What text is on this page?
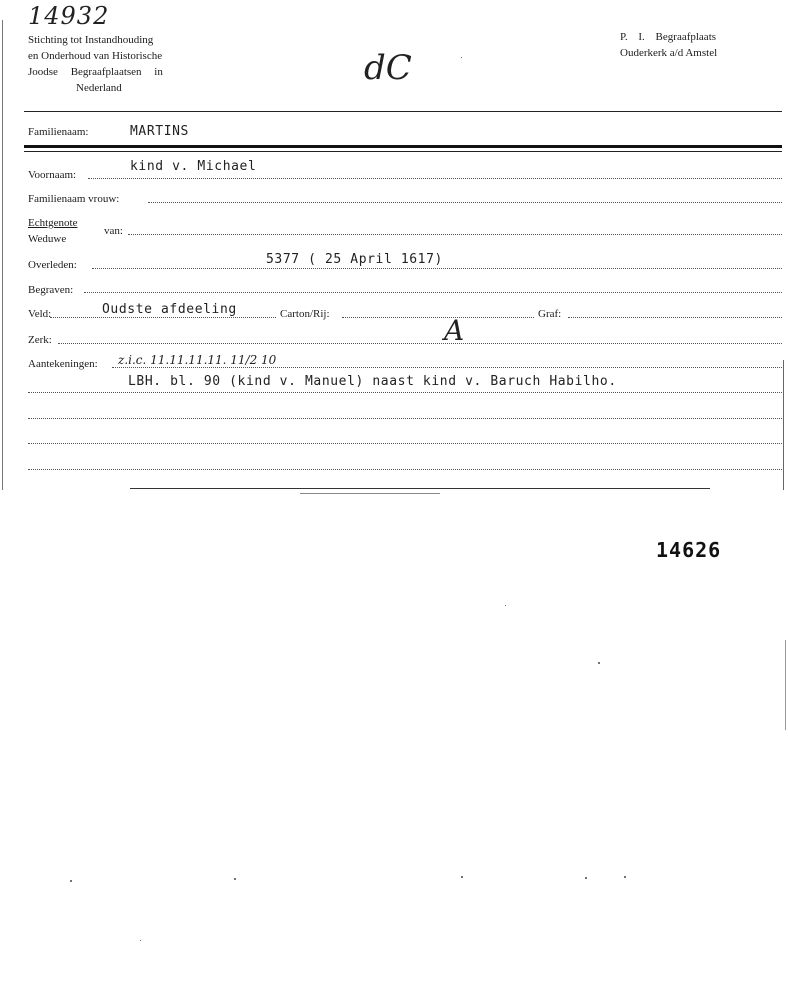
14932
Stichting tot Instandhouding
en Onderhoud van Historische
Joodse Begraafplaatsen in
Nederland	dC
P. I. Begraafplaats
Ouderkerk a/d Amstel
Familienaam:	MARTINS
Voornaam:
kind v. Michael
Familienaam vrouw:
Echtgenote
Weduwe
van:
Overleden:	5377 ( 25 April 1617)
Begraven:
Veld:	Oudste afdeeling	Carton/Rij:	Graf:
A
Zerk:
Aantekeningen: z.i.c. 11.11.11.11. 11/2 10
LBH. bl. 90 (kind v. Manuel) naast kind v. Baruch Habilho.
14626
